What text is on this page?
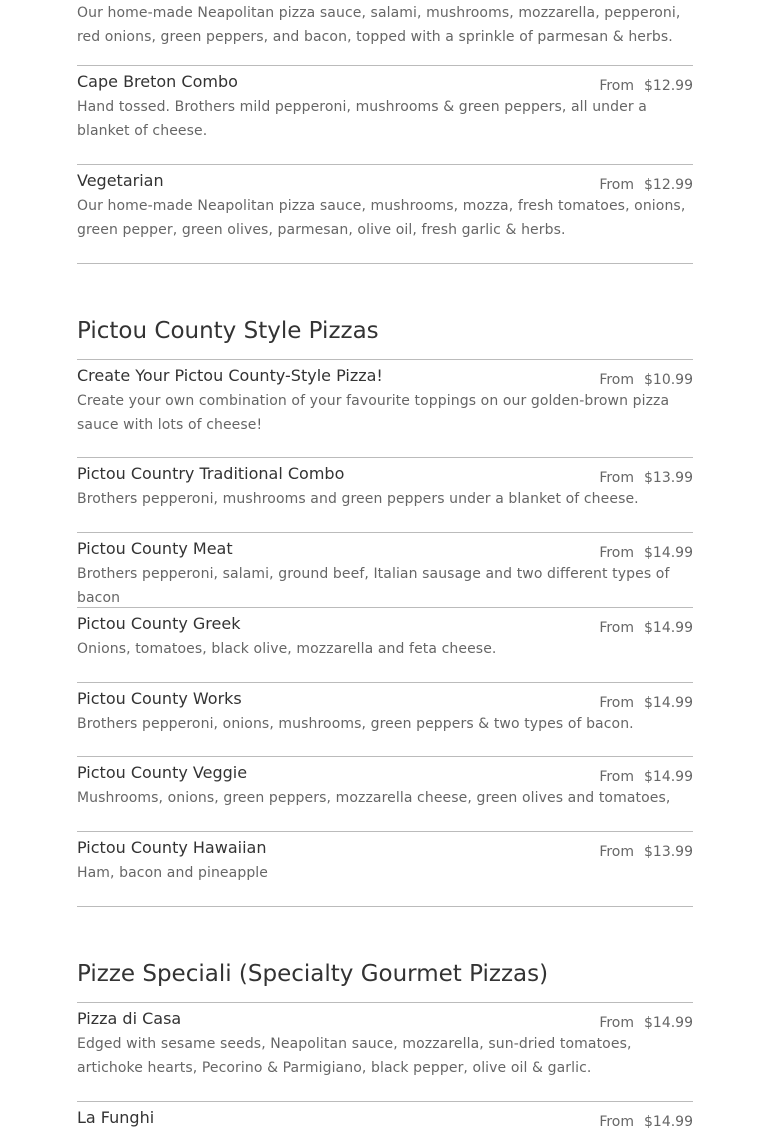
Our home-made Neapolitan pizza sauce, salami, mushrooms, mozzarella, pepperoni, red onions, green peppers, and bacon, topped with a sprinkle of parmesan & herbs.
Cape Breton Combo	From $12.99
Hand tossed. Brothers mild pepperoni, mushrooms & green peppers, all under a blanket of cheese.
Vegetarian	From $12.99
Our home-made Neapolitan pizza sauce, mushrooms, mozza, fresh tomatoes, onions, green pepper, green olives, parmesan, olive oil, fresh garlic & herbs.
Pictou County Style Pizzas
Create Your Pictou County-Style Pizza!	From $10.99
Create your own combination of your favourite toppings on our golden-brown pizza sauce with lots of cheese!
Pictou Country Traditional Combo	From $13.99
Brothers pepperoni, mushrooms and green peppers under a blanket of cheese.
Pictou County Meat	From $14.99
Brothers pepperoni, salami, ground beef, Italian sausage and two different types of bacon
Pictou County Greek	From $14.99
Onions, tomatoes, black olive, mozzarella and feta cheese.
Pictou County Works	From $14.99
Brothers pepperoni, onions, mushrooms, green peppers & two types of bacon.
Pictou County Veggie	From $14.99
Mushrooms, onions, green peppers, mozzarella cheese, green olives and tomatoes,
Pictou County Hawaiian	From $13.99
Ham, bacon and pineapple
Pizze Speciali (Specialty Gourmet Pizzas)
Pizza di Casa	From $14.99
Edged with sesame seeds, Neapolitan sauce, mozzarella, sun-dried tomatoes, artichoke hearts, Pecorino & Parmigiano, black pepper, olive oil & garlic.
La Funghi	From $14.99
